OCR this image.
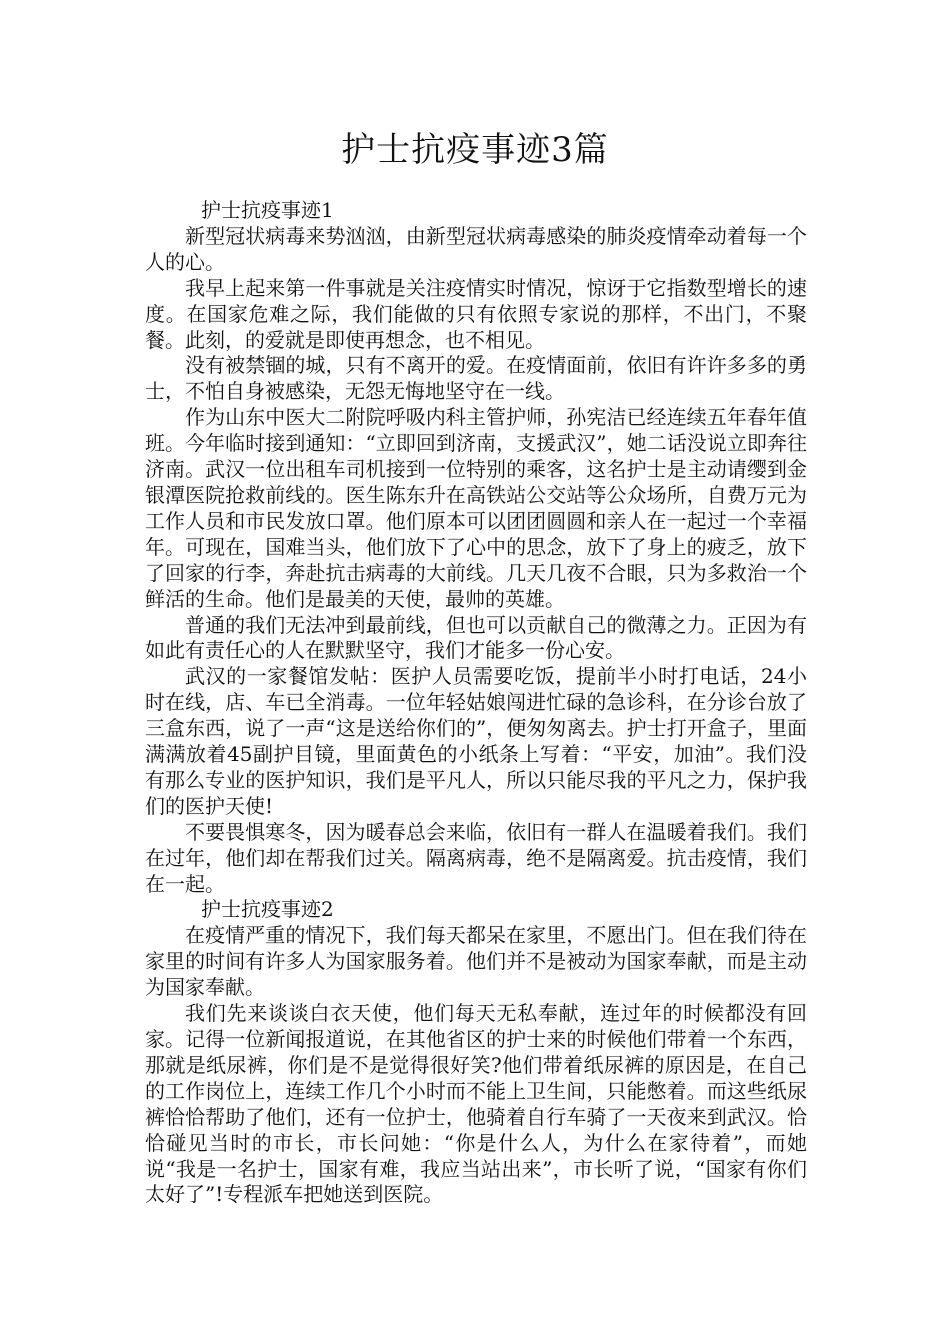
护士抗疫事迹3篇

护士抗疫事迹1

新型冠状病毒来势汹汹，由新型冠状病毒感染的肺炎疫情牵动着每一个人的心。

我早上起来第一件事就是关注疫情实时情况，惊讶于它指数型增长的速度。在国家危难之际，我们能做的只有依照专家说的那样，不出门，不聚餐。此刻，的爱就是即使再想念，也不相见。

没有被禁锢的城，只有不离开的爱。在疫情面前，依旧有许许多多的勇士，不怕自身被感染，无怨无悔地坚守在一线。

作为山东中医大二附院呼吸内科主管护师，孙宪洁已经连续五年春年值班。今年临时接到通知：“立即回到济南，支援武汉”，她二话没说立即奔往济南。武汉一位出租车司机接到一位特别的乘客，这名护士是主动请缨到金银潭医院抢救前线的。医生陈东升在高铁站公交站等公众场所，自费万元为工作人员和市民发放口罩。他们原本可以团团圆圆和亲人在一起过一个幸福年。可现在，国难当头，他们放下了心中的思念，放下了身上的疲乏，放下了回家的行李，奔赴抗击病毒的大前线。几天几夜不合眼，只为多救治一个鲜活的生命。他们是最美的天使，最帅的英雄。

普通的我们无法冲到最前线，但也可以贡献自己的微薄之力。正因为有如此有责任心的人在默默坚守，我们才能多一份心安。

武汉的一家餐馆发帖：医护人员需要吃饭，提前半小时打电话，24小时在线，店、车已全消毒。一位年轻姑娘闯进忙碌的急诊科，在分诊台放了三盒东西，说了一声“这是送给你们的”，便匆匆离去。护士打开盒子，里面满满放着45副护目镜，里面黄色的小纸条上写着：“平安，加油”。我们没有那么专业的医护知识，我们是平凡人，所以只能尽我的平凡之力，保护我们的医护天使!

不要畏惧寒冬，因为暖春总会来临，依旧有一群人在温暖着我们。我们在过年，他们却在帮我们过关。隔离病毒，绝不是隔离爱。抗击疫情，我们在一起。

护士抗疫事迹2

在疫情严重的情况下，我们每天都呆在家里，不愿出门。但在我们待在家里的时间有许多人为国家服务着。他们并不是被动为国家奉献，而是主动为国家奉献。

我们先来谈谈白衣天使，他们每天无私奉献，连过年的时候都没有回家。记得一位新闻报道说，在其他省区的护士来的时候他们带着一个东西，那就是纸尿裤，你们是不是觉得很好笑?他们带着纸尿裤的原因是，在自己的工作岗位上，连续工作几个小时而不能上卫生间，只能憋着。而这些纸尿裤恰恰帮助了他们，还有一位护士，他骑着自行车骑了一天夜来到武汉。恰恰碰见当时的市长，市长问她：“你是什么人，为什么在家待着”，而她说“我是一名护士，国家有难，我应当站出来”，市长听了说，“国家有你们太好了”!专程派车把她送到医院。
